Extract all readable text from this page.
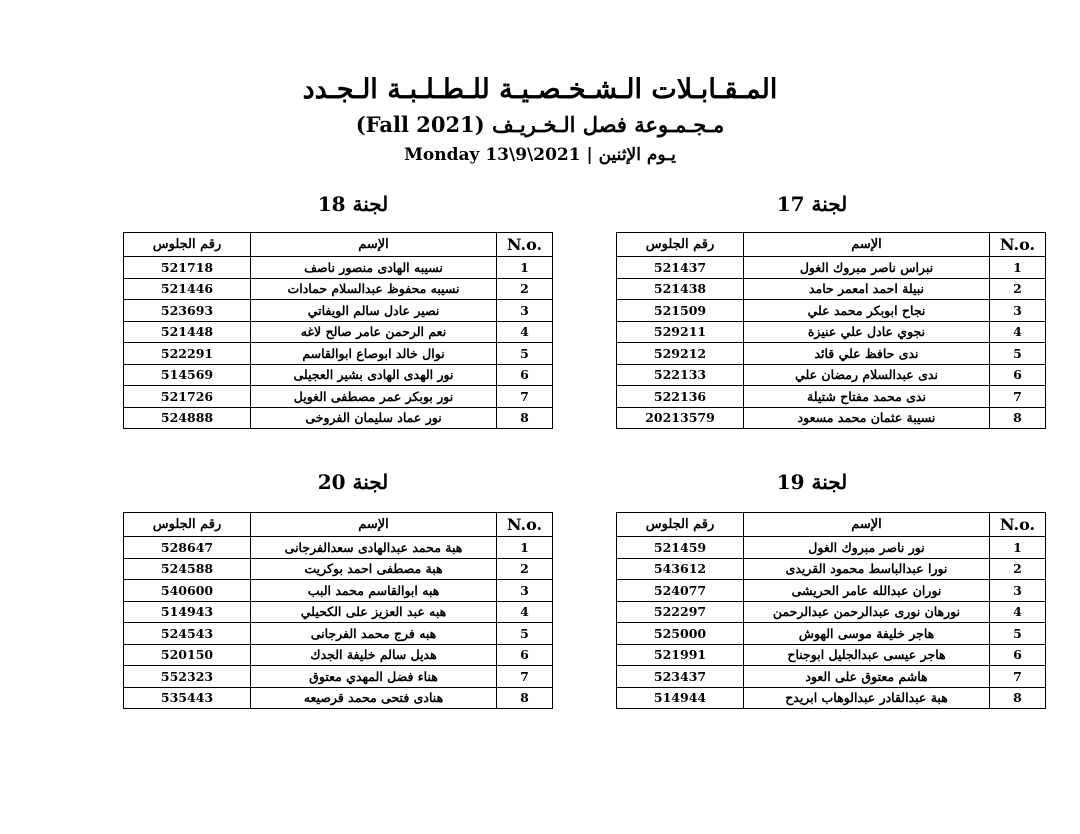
المـقـابـلات الـشـخـصـيـة للـطـلـبـة الـجـدد
مـجـمـوعة فصل الـخـريـف (Fall 2021)
يـوم الإثنين | 2021\9\13 Monday
لجنة 17
لجنة 18
لجنة 19
لجنة 20
رقم الجلوس	الإسم	N.o.
521437	نبراس ناصر مبروك الغول	1
521438	نبيلة احمد امعمر حامد	2
521509	نجاح ابوبكر محمد علي	3
529211	نجوي عادل علي عنيزة	4
529212	ندى حافظ علي قائد	5
522133	ندى عبدالسلام رمضان علي	6
522136	ندى محمد مفتاح شتيلة	7
20213579	نسيبة عثمان محمد مسعود	8
رقم الجلوس	الإسم	N.o.
521718	نسيبه الهادى منصور ناصف	1
521446	نسيبه محفوظ عبدالسلام حمادات	2
523693	نصير عادل سالم الويفاتي	3
521448	نعم الرحمن عامر صالح لاغه	4
522291	نوال خالد ابوصاع ابوالقاسم	5
514569	نور الهدى الهادى بشير العجيلى	6
521726	نور بوبكر عمر مصطفى الغويل	7
524888	نور عماد سليمان الفروخى	8
رقم الجلوس	الإسم	N.o.
521459	نور ناصر مبروك الغول	1
543612	نورا عبدالباسط محمود القريدى	2
524077	نوران عبدالله عامر الحريشى	3
522297	نورهان نورى عبدالرحمن عبدالرحمن	4
525000	هاجر خليفة موسى الهوش	5
521991	هاجر عيسى عبدالجليل ابوجناح	6
523437	هاشم معتوق على العود	7
514944	هبة عبدالقادر عبدالوهاب ابريدح	8
رقم الجلوس	الإسم	N.o.
528647	هبة محمد عبدالهادى سعدالفرجانى	1
524588	هبة مصطفى احمد بوكريت	2
540600	هبه ابوالقاسم محمد البب	3
514943	هبه عبد العزيز على الكحيلي	4
524543	هبه فرج محمد الفرجانى	5
520150	هديل سالم خليفة الجدك	6
552323	هناء فضل المهدي معتوق	7
535443	هنادى فتحى محمد قرصيعه	8
